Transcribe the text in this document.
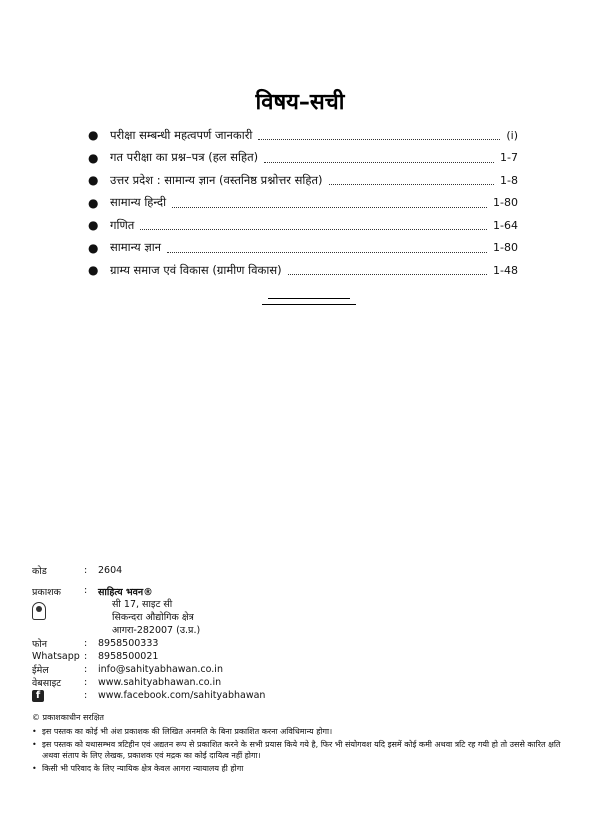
विषय–सची
●	परीक्षा सम्बन्धी महत्वपर्ण जानकारी	(i)
●	गत परीक्षा का प्रश्न–पत्र (हल सहित)	1-7
●	उत्तर प्रदेश : सामान्य ज्ञान (वस्तनिष्ठ प्रश्नोत्तर सहित)	1-8
●	सामान्य हिन्दी	1-80
●	गणित	1-64
●	सामान्य ज्ञान	1-80
●	ग्राम्य समाज एवं विकास (ग्रामीण विकास)	1-48
कोड	:	2604
प्रकाशक	:	साहित्य भवन®
सी 17, साइट सी
सिकन्दरा औद्योगिक क्षेत्र
आगरा-282007 (उ.प्र.)
फोन	:	8958500333
Whatsapp :	8958500021
ईमेल	:	info@sahityabhawan.co.in
वेबसाइट	:	www.sahityabhawan.co.in
f	:	www.facebook.com/sahityabhawan
© प्रकाशकाधीन सरक्षित
• इस पस्तक का कोई भी अंश प्रकाशक की लिखित अनमति के बिना प्रकाशित करना अविधिमान्य होगा।
• इस पस्तक को यथासम्भव त्रटिहीन एवं अद्यतन रूप से प्रकाशित करने के सभी प्रयास किये गये है, फिर भी संयोगवश यदि इसमें कोई कमी अथवा त्रटि रह गयी हो तो उससे कारित क्षति अथवा संताप के लिए लेखक, प्रकाशक एवं मद्रक का कोई दायित्व नहीं होगा।
• किसी भी परिवाद के लिए न्यायिक क्षेत्र केवल आगरा न्यायालय ही होगा
